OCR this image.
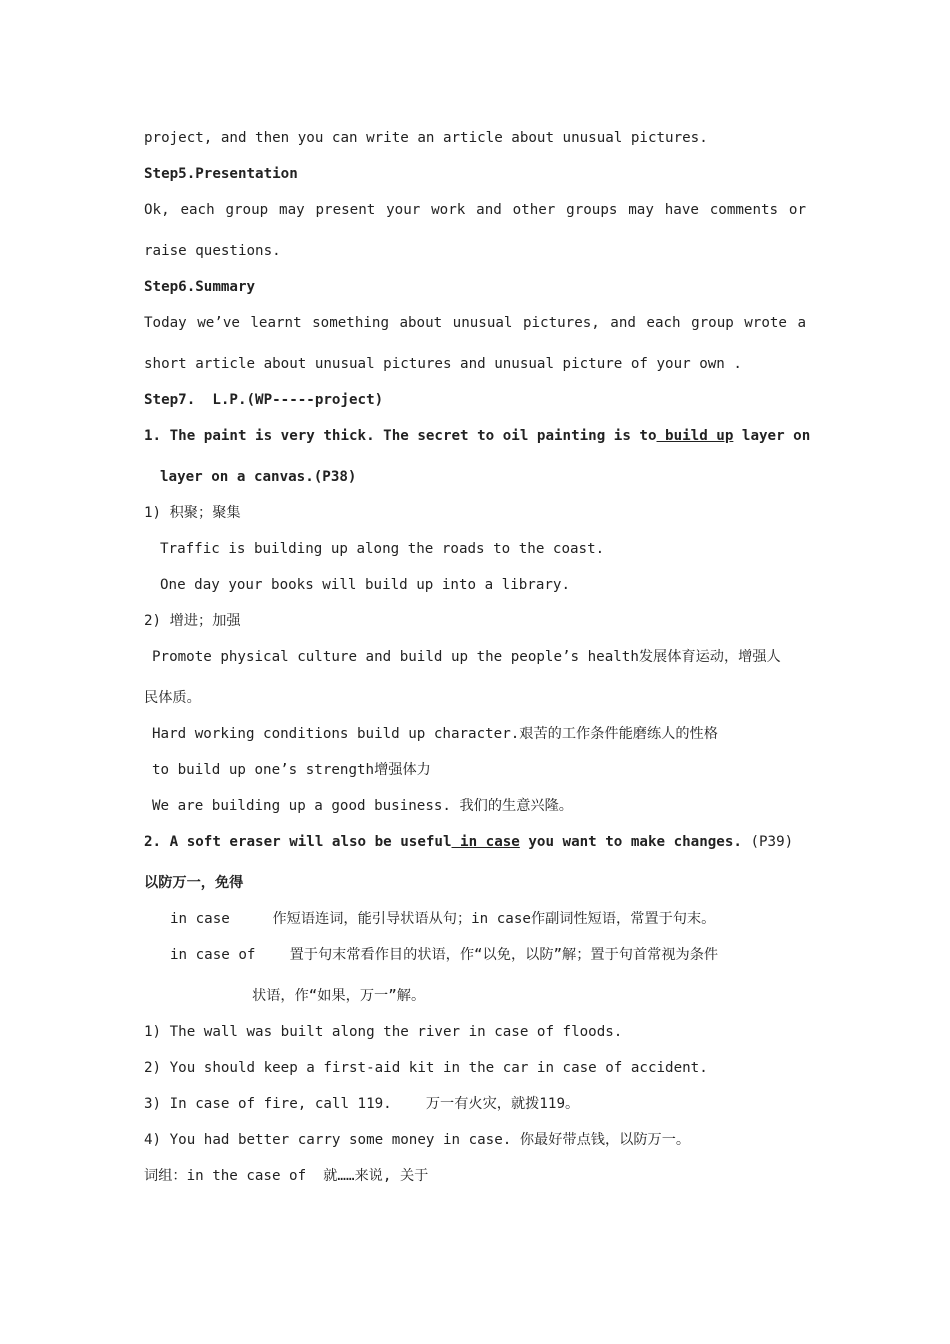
project, and then you can write an article about unusual pictures.
Step5.Presentation
Ok, each group may present your work and other groups may have comments or
raise questions.
Step6.Summary
Today we’ve learnt something about unusual pictures, and each group wrote a
short article about unusual pictures and unusual picture of your own .
Step7.  L.P.(WP-----project)
1. The paint is very thick. The secret to oil painting is to build up layer on
layer on a canvas.(P38)
1) 积聚；聚集
Traffic is building up along the roads to the coast.
One day your books will build up into a library.
2) 增进；加强
Promote physical culture and build up the people’s health发展体育运动，增强人
民体质。
Hard working conditions build up character.艰苦的工作条件能磨练人的性格
to build up one’s strength增强体力
We are building up a good business. 我们的生意兴隆。
2. A soft eraser will also be useful in case you want to make changes. (P39)
以防万一，免得
in case     作短语连词，能引导状语从句；in case作副词性短语，常置于句末。
in case of    置于句末常看作目的状语，作“以免，以防”解；置于句首常视为条件
状语，作“如果，万一”解。
1) The wall was built along the river in case of floods.
2) You should keep a first-aid kit in the car in case of accident.
3) In case of fire, call 119.    万一有火灾，就拨119。
4) You had better carry some money in case. 你最好带点钱，以防万一。
词组：in the case of  就……来说, 关于
